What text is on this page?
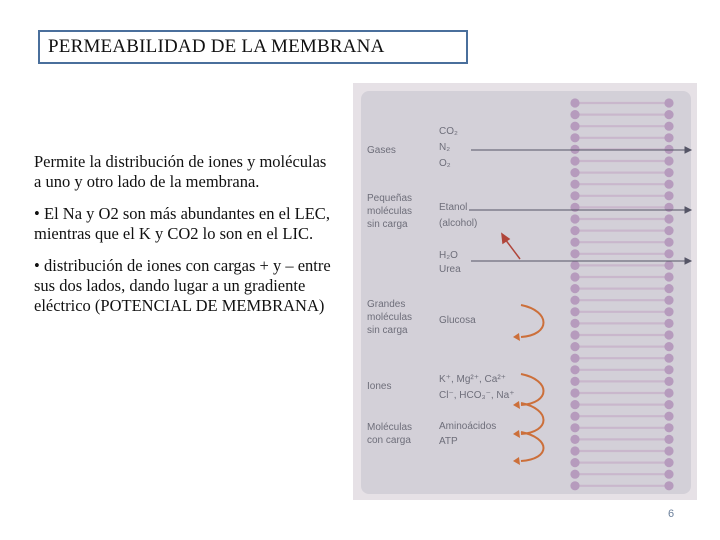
PERMEABILIDAD DE LA MEMBRANA

Permite la distribución de iones y moléculas a uno y otro lado de la membrana.

• El Na y O2 son más abundantes en el LEC, mientras que el K y CO2 lo son en el LIC.

• distribución de iones con cargas + y – entre sus dos lados, dando lugar a un gradiente eléctrico (POTENCIAL DE MEMBRANA)

Gases
Pequeñas
moléculas
sin carga
Grandes
moléculas
sin carga
Iones
Moléculas
con carga
CO₂
N₂
O₂
Etanol
(alcohol)
H₂O
Urea
Glucosa
K⁺, Mg²⁺, Ca²⁺
Cl⁻, HCO₃⁻, Na⁺
Aminoácidos
ATP
6
